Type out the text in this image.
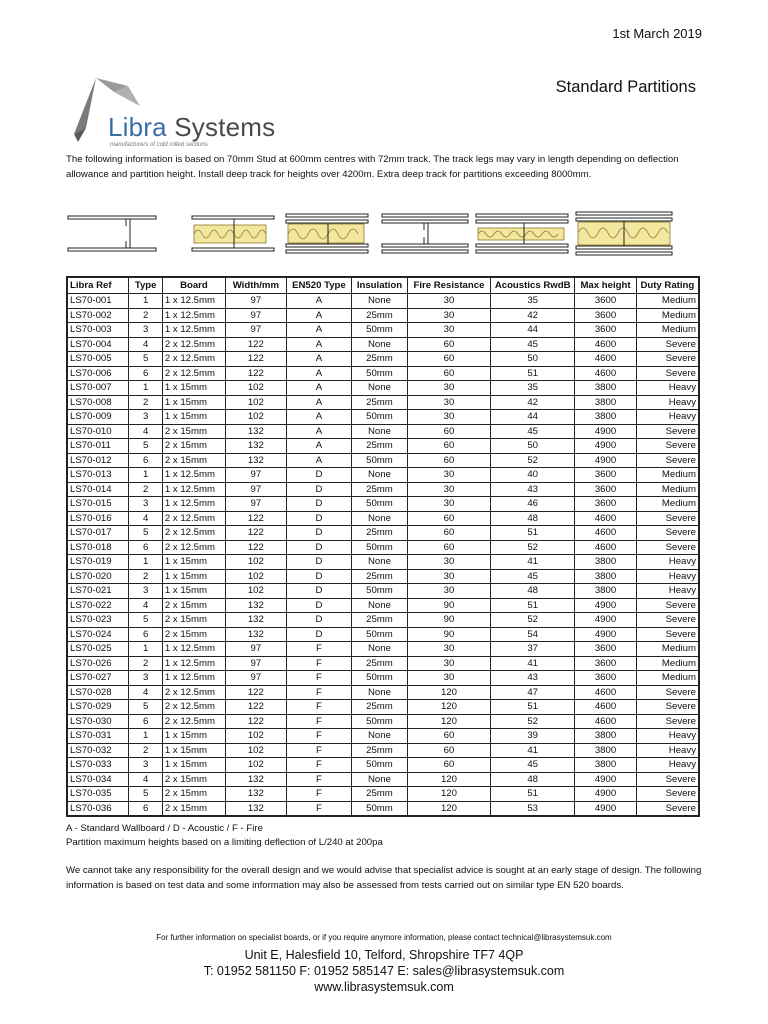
1st March 2019
Standard Partitions
Libra Systems
manufacturers of cold rolled sections
The following information is based on 70mm Stud at 600mm centres with 72mm track. The track legs may vary in length depending on deflection allowance and partition height. Install deep track for heights over 4200m. Extra deep track for partitions exceeding 8000mm.
Libra Ref	Type	Board	Width/mm	EN520 Type	Insulation	Fire Resistance	Acoustics RwdB	Max height	Duty Rating
LS70-001	1	1 x 12.5mm	97	A	None	30	35	3600	Medium
LS70-002	2	1 x 12.5mm	97	A	25mm	30	42	3600	Medium
LS70-003	3	1 x 12.5mm	97	A	50mm	30	44	3600	Medium
LS70-004	4	2 x 12.5mm	122	A	None	60	45	4600	Severe
LS70-005	5	2 x 12.5mm	122	A	25mm	60	50	4600	Severe
LS70-006	6	2 x 12.5mm	122	A	50mm	60	51	4600	Severe
LS70-007	1	1 x 15mm	102	A	None	30	35	3800	Heavy
LS70-008	2	1 x 15mm	102	A	25mm	30	42	3800	Heavy
LS70-009	3	1 x 15mm	102	A	50mm	30	44	3800	Heavy
LS70-010	4	2 x 15mm	132	A	None	60	45	4900	Severe
LS70-011	5	2 x 15mm	132	A	25mm	60	50	4900	Severe
LS70-012	6	2 x 15mm	132	A	50mm	60	52	4900	Severe
LS70-013	1	1 x 12.5mm	97	D	None	30	40	3600	Medium
LS70-014	2	1 x 12.5mm	97	D	25mm	30	43	3600	Medium
LS70-015	3	1 x 12.5mm	97	D	50mm	30	46	3600	Medium
LS70-016	4	2 x 12.5mm	122	D	None	60	48	4600	Severe
LS70-017	5	2 x 12.5mm	122	D	25mm	60	51	4600	Severe
LS70-018	6	2 x 12.5mm	122	D	50mm	60	52	4600	Severe
LS70-019	1	1 x 15mm	102	D	None	30	41	3800	Heavy
LS70-020	2	1 x 15mm	102	D	25mm	30	45	3800	Heavy
LS70-021	3	1 x 15mm	102	D	50mm	30	48	3800	Heavy
LS70-022	4	2 x 15mm	132	D	None	90	51	4900	Severe
LS70-023	5	2 x 15mm	132	D	25mm	90	52	4900	Severe
LS70-024	6	2 x 15mm	132	D	50mm	90	54	4900	Severe
LS70-025	1	1 x 12.5mm	97	F	None	30	37	3600	Medium
LS70-026	2	1 x 12.5mm	97	F	25mm	30	41	3600	Medium
LS70-027	3	1 x 12.5mm	97	F	50mm	30	43	3600	Medium
LS70-028	4	2 x 12.5mm	122	F	None	120	47	4600	Severe
LS70-029	5	2 x 12.5mm	122	F	25mm	120	51	4600	Severe
LS70-030	6	2 x 12.5mm	122	F	50mm	120	52	4600	Severe
LS70-031	1	1 x 15mm	102	F	None	60	39	3800	Heavy
LS70-032	2	1 x 15mm	102	F	25mm	60	41	3800	Heavy
LS70-033	3	1 x 15mm	102	F	50mm	60	45	3800	Heavy
LS70-034	4	2 x 15mm	132	F	None	120	48	4900	Severe
LS70-035	5	2 x 15mm	132	F	25mm	120	51	4900	Severe
LS70-036	6	2 x 15mm	132	F	50mm	120	53	4900	Severe
A - Standard Wallboard / D - Acoustic / F - Fire
Partition maximum heights based on a limiting deflection of L/240 at 200pa
We cannot take any responsibility for the overall design and we would advise that specialist advice is sought at an early stage of design. The following information is based on test data and some information may also be assessed from tests carried out on similar type EN 520 boards.
For further information on specialist boards, or if you require anymore information, please contact technical@librasystemsuk.com
Unit E, Halesfield 10, Telford, Shropshire TF7 4QP
T: 01952 581150 F: 01952 585147 E: sales@librasystemsuk.com
www.librasystemsuk.com
